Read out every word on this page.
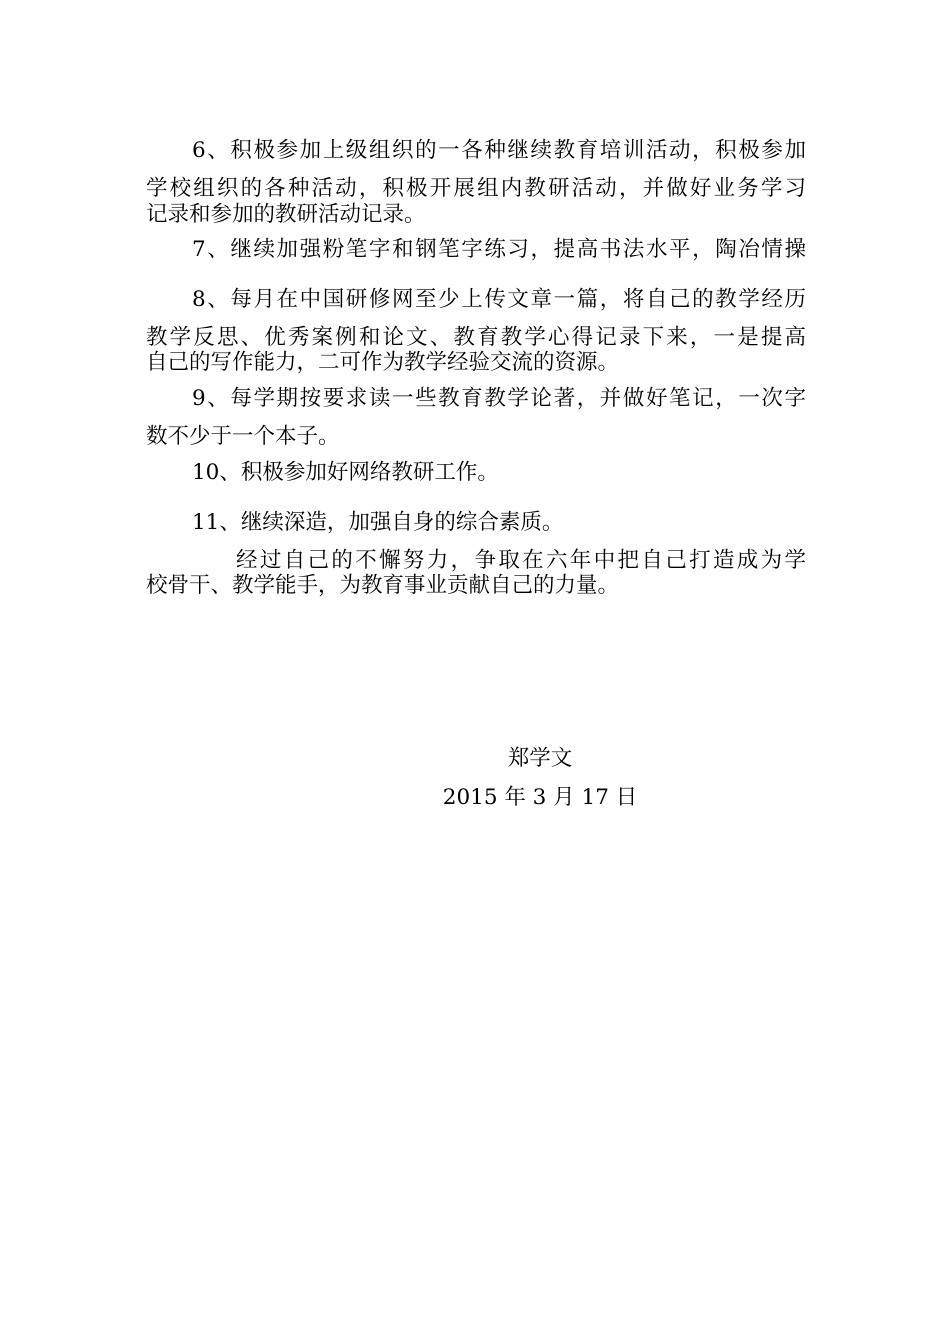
6、积极参加上级组织的一各种继续教育培训活动，积极参加
学校组织的各种活动，积极开展组内教研活动，并做好业务学习
记录和参加的教研活动记录。
7、继续加强粉笔字和钢笔字练习，提高书法水平，陶冶情操
8、每月在中国研修网至少上传文章一篇，将自己的教学经历
教学反思、优秀案例和论文、教育教学心得记录下来，一是提高
自己的写作能力，二可作为教学经验交流的资源。
9、每学期按要求读一些教育教学论著，并做好笔记，一次字
数不少于一个本子。
10、积极参加好网络教研工作。
11、继续深造，加强自身的综合素质。
经过自己的不懈努力，争取在六年中把自己打造成为学
校骨干、教学能手，为教育事业贡献自己的力量。
郑学文
2015 年 3 月 17 日
